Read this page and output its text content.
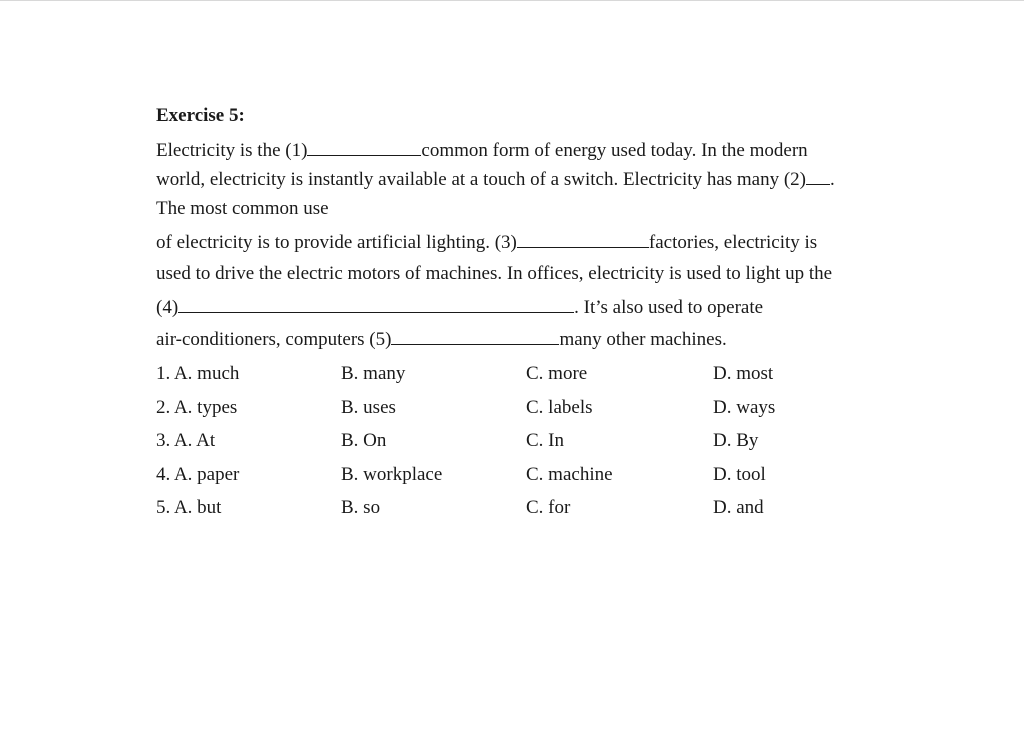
Exercise 5:
Electricity is the (1)	common form of energy used today. In the modern
world, electricity is instantly available at a touch of a switch. Electricity has many (2) .
The most common use
of electricity is to provide artificial lighting. (3)	factories, electricity is
used to drive the electric motors of machines. In offices, electricity is used to light up the
(4)	. It’s also used to operate
air-conditioners, computers (5)	many other machines.
1. A. much	B. many	C. more	D. most
2. A. types	B. uses	C. labels	D. ways
3. A. At	B. On	C. In	D. By
4. A. paper	B. workplace	C. machine	D. tool
5. A. but	B. so	C. for	D. and
